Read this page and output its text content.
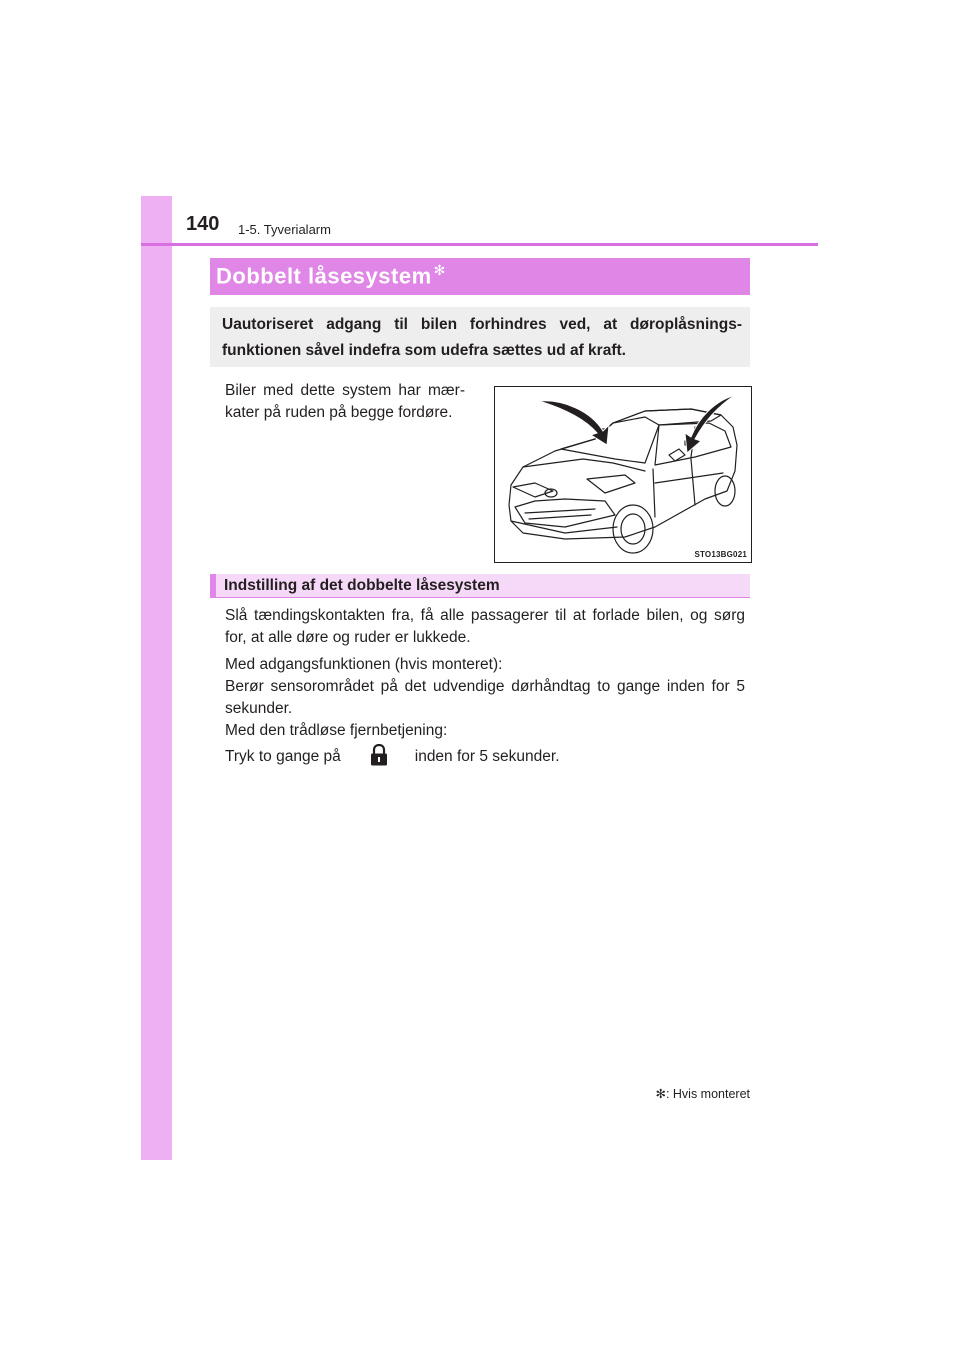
140 1-5. Tyverialarm
Dobbelt låsesystem ✻
Uautoriseret adgang til bilen forhindres ved, at døroplåsnings-funktionen såvel indefra som udefra sættes ud af kraft.
Biler med dette system har mær-kater på ruden på begge fordøre.
STO13BG021
Indstilling af det dobbelte låsesystem

Slå tændingskontakten fra, få alle passagerer til at forlade bilen, og sørg for, at alle døre og ruder er lukkede.

Med adgangsfunktionen (hvis monteret):
Berør sensorområdet på det udvendige dørhåndtag to gange inden for 5 sekunder.
Med den trådløse fjernbetjening:
Tryk to gange på	inden for 5 sekunder.
✻: Hvis monteret
